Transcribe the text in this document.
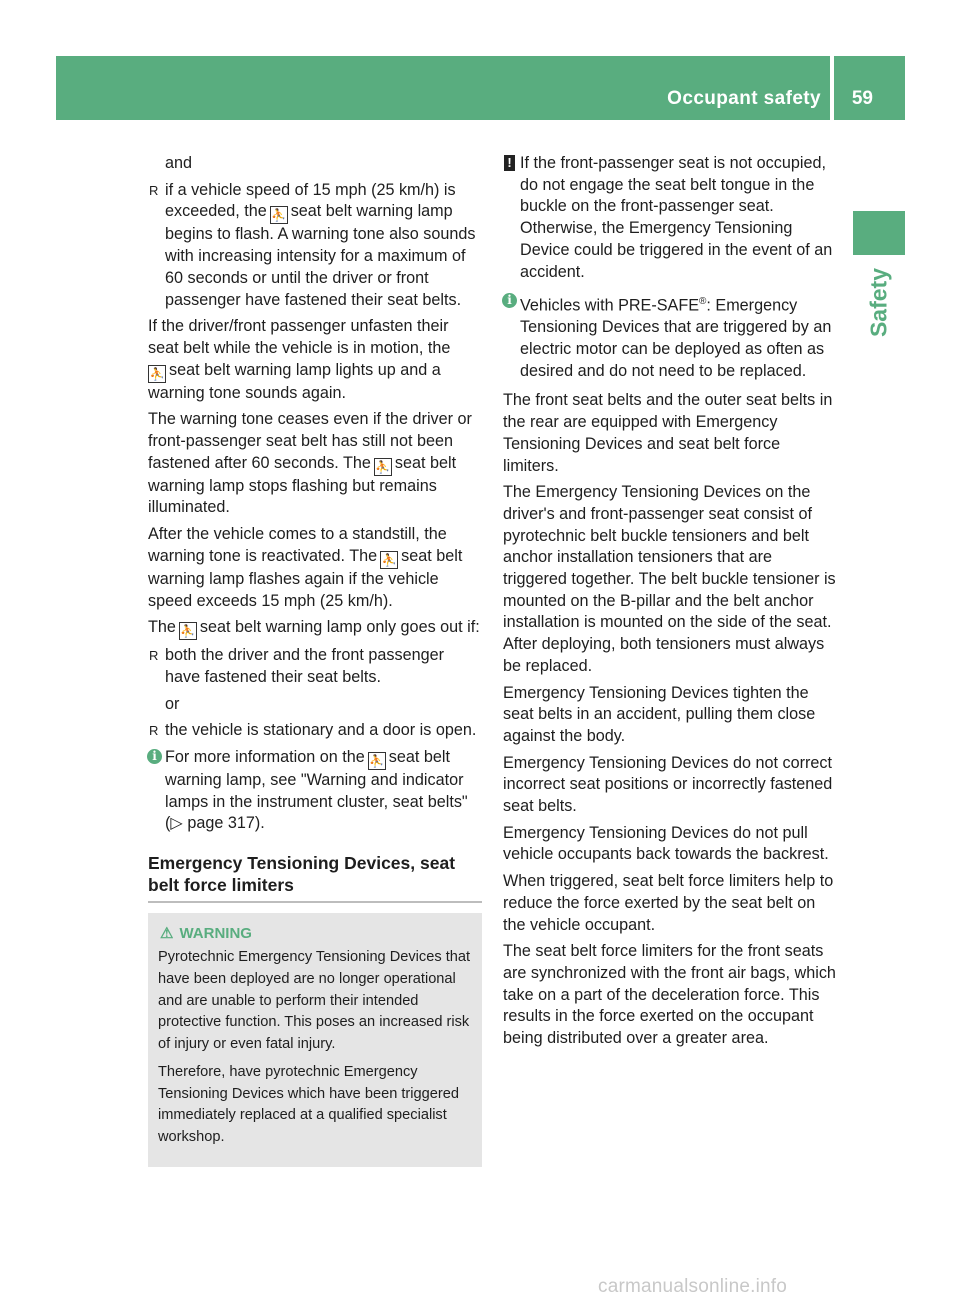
Occupant safety 59
Safety

and

R if a vehicle speed of 15 mph (25 km/h) is exceeded, the ⛹ seat belt warning lamp begins to flash. A warning tone also sounds with increasing intensity for a maximum of 60 seconds or until the driver or front passenger have fastened their seat belts.

If the driver/front passenger unfasten their seat belt while the vehicle is in motion, the
⛹ seat belt warning lamp lights up and a warning tone sounds again.

The warning tone ceases even if the driver or front-passenger seat belt has still not been fastened after 60 seconds. The ⛹ seat belt warning lamp stops flashing but remains illuminated.

After the vehicle comes to a standstill, the warning tone is reactivated. The ⛹ seat belt warning lamp flashes again if the vehicle speed exceeds 15 mph (25 km/h).

The ⛹ seat belt warning lamp only goes out if:

R both the driver and the front passenger have fastened their seat belts.

or

R the vehicle is stationary and a door is open.
i For more information on the ⛹ seat belt warning lamp, see "Warning and indicator lamps in the instrument cluster, seat belts" (▷ page 317).
Emergency Tensioning Devices, seat belt force limiters
⚠ WARNING

Pyrotechnic Emergency Tensioning Devices that have been deployed are no longer operational and are unable to perform their intended protective function. This poses an increased risk of injury or even fatal injury.

Therefore, have pyrotechnic Emergency Tensioning Devices which have been triggered immediately replaced at a qualified specialist workshop.

! If the front-passenger seat is not occupied, do not engage the seat belt tongue in the buckle on the front-passenger seat. Otherwise, the Emergency Tensioning Device could be triggered in the event of an accident.
i Vehicles with PRE-SAFE®: Emergency Tensioning Devices that are triggered by an electric motor can be deployed as often as desired and do not need to be replaced.

The front seat belts and the outer seat belts in the rear are equipped with Emergency Tensioning Devices and seat belt force limiters.

The Emergency Tensioning Devices on the driver's and front-passenger seat consist of pyrotechnic belt buckle tensioners and belt anchor installation tensioners that are triggered together. The belt buckle tensioner is mounted on the B-pillar and the belt anchor installation is mounted on the side of the seat. After deploying, both tensioners must always be replaced.

Emergency Tensioning Devices tighten the seat belts in an accident, pulling them close against the body.

Emergency Tensioning Devices do not correct incorrect seat positions or incorrectly fastened seat belts.

Emergency Tensioning Devices do not pull vehicle occupants back towards the backrest.

When triggered, seat belt force limiters help to reduce the force exerted by the seat belt on the vehicle occupant.

The seat belt force limiters for the front seats are synchronized with the front air bags, which take on a part of the deceleration force. This results in the force exerted on the occupant being distributed over a greater area.

carmanualsonline.info
